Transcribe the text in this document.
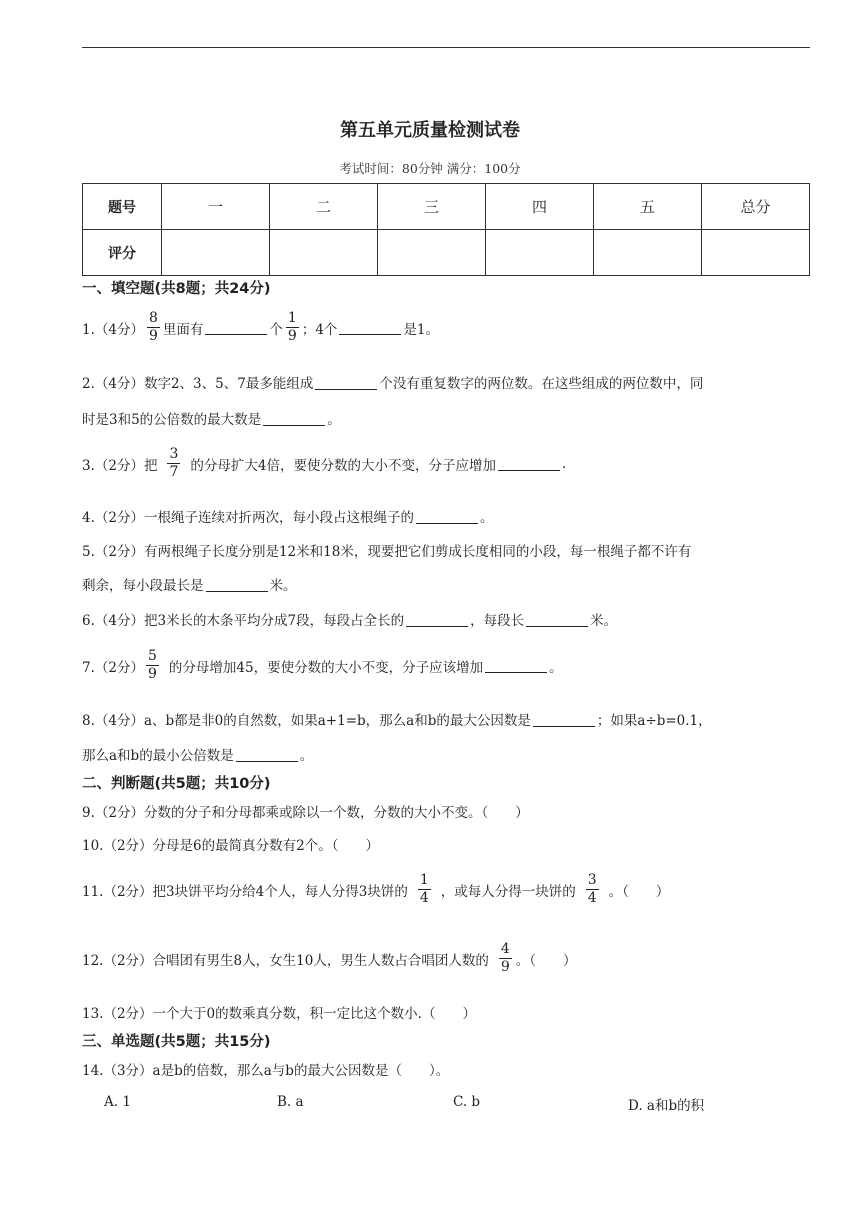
第五单元质量检测试卷
考试时间：80分钟 满分：100分
题号	一	二	三	四	五	总分
评分						
一、填空题(共8题；共24分)
1.（4分） $\frac{8}{9}$ 里面有	个 $\frac{1}{9}$ ；4个	是1。
2.（4分）数字2、3、5、7最多能组成	个没有重复数字的两位数。在这些组成的两位数中，同
时是3和5的公倍数的最大数是	。
3.（2分）把 $\frac{3}{7}$ 的分母扩大4倍，要使分数的大小不变，分子应增加	.
4.（2分）一根绳子连续对折两次，每小段占这根绳子的	。
5.（2分）有两根绳子长度分别是12米和18米，现要把它们剪成长度相同的小段，每一根绳子都不许有
剩余，每小段最长是	米。
6.（4分）把3米长的木条平均分成7段，每段占全长的	，每段长	米。
7.（2分） $\frac{5}{9}$ 的分母增加45，要使分数的大小不变，分子应该增加	。
8.（4分）a、b都是非0的自然数，如果a+1=b，那么a和b的最大公因数是	；如果a÷b=0.1，
那么a和b的最小公倍数是	。
二、判断题(共5题；共10分)
9.（2分）分数的分子和分母都乘或除以一个数，分数的大小不变。（　　）
10.（2分）分母是6的最简真分数有2个。（　　）
11.（2分）把3块饼平均分给4个人，每人分得3块饼的 $\frac{1}{4}$ ，或每人分得一块饼的 $\frac{3}{4}$ 。（　　）
12.（2分）合唱团有男生8人，女生10人，男生人数占合唱团人数的 $\frac{4}{9}$ 。（　　）
13.（2分）一个大于0的数乘真分数，积一定比这个数小.（　　）
三、单选题(共5题；共15分)
14.（3分）a是b的倍数，那么a与b的最大公因数是（　　）。
A. 1	B. a	C. b	D. a和b的积
